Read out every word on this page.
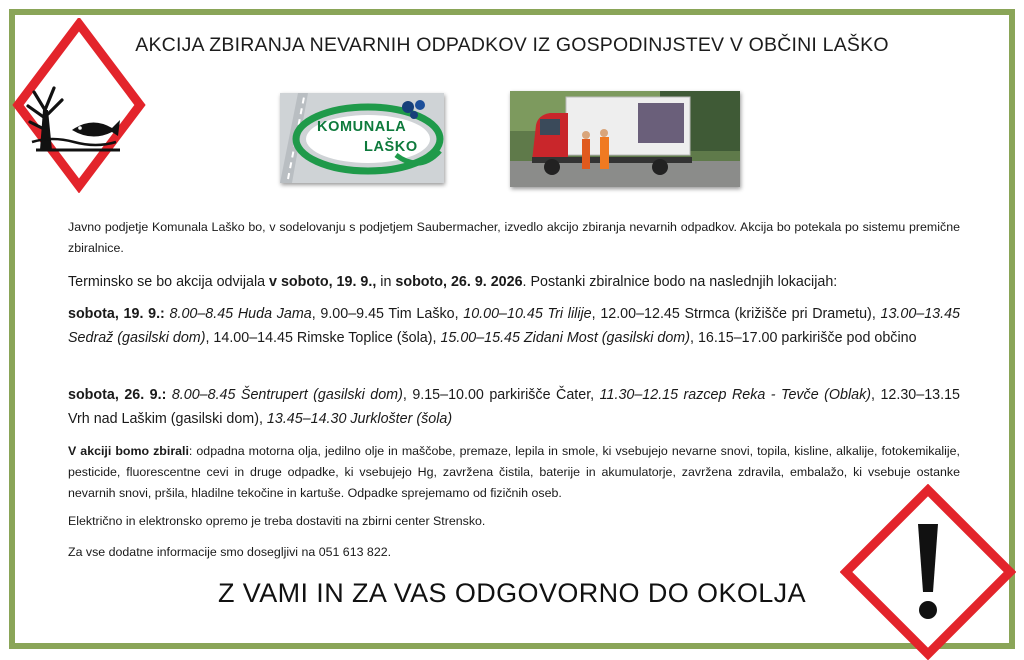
AKCIJA ZBIRANJA NEVARNIH ODPADKOV IZ GOSPODINJSTEV V OBČINI LAŠKO
KOMUNALA
LAŠKO

Javno podjetje Komunala Laško bo, v sodelovanju s podjetjem Saubermacher, izvedlo akcijo zbiranja nevarnih odpadkov. Akcija bo potekala po sistemu premične zbiralnice.

Terminsko se bo akcija odvijala v soboto, 19. 9., in soboto, 26. 9. 2026. Postanki zbiralnice bodo na naslednjih lokacijah:

sobota, 19. 9.: 8.00–8.45 Huda Jama, 9.00–9.45 Tim Laško, 10.00–10.45 Tri lilije, 12.00–12.45 Strmca (križišče pri Drametu), 13.00–13.45 Sedraž (gasilski dom), 14.00–14.45 Rimske Toplice (šola), 15.00–15.45 Zidani Most (gasilski dom), 16.15–17.00 parkirišče pod občino

sobota, 26. 9.: 8.00–8.45 Šentrupert (gasilski dom), 9.15–10.00 parkirišče Čater, 11.30–12.15 razcep Reka - Tevče (Oblak), 12.30–13.15 Vrh nad Laškim (gasilski dom), 13.45–14.30 Jurklošter (šola)

V akciji bomo zbirali: odpadna motorna olja, jedilno olje in maščobe, premaze, lepila in smole, ki vsebujejo nevarne snovi, topila, kisline, alkalije, fotokemikalije, pesticide, fluorescentne cevi in druge odpadke, ki vsebujejo Hg, zavržena čistila, baterije in akumulatorje, zavržena zdravila, embalažo, ki vsebuje ostanke nevarnih snovi, pršila, hladilne tekočine in kartuše. Odpadke sprejemamo od fizičnih oseb.

Električno in elektronsko opremo je treba dostaviti na zbirni center Strensko.

Za vse dodatne informacije smo dosegljivi na 051 613 822.

Z VAMI IN ZA VAS ODGOVORNO DO OKOLJA
